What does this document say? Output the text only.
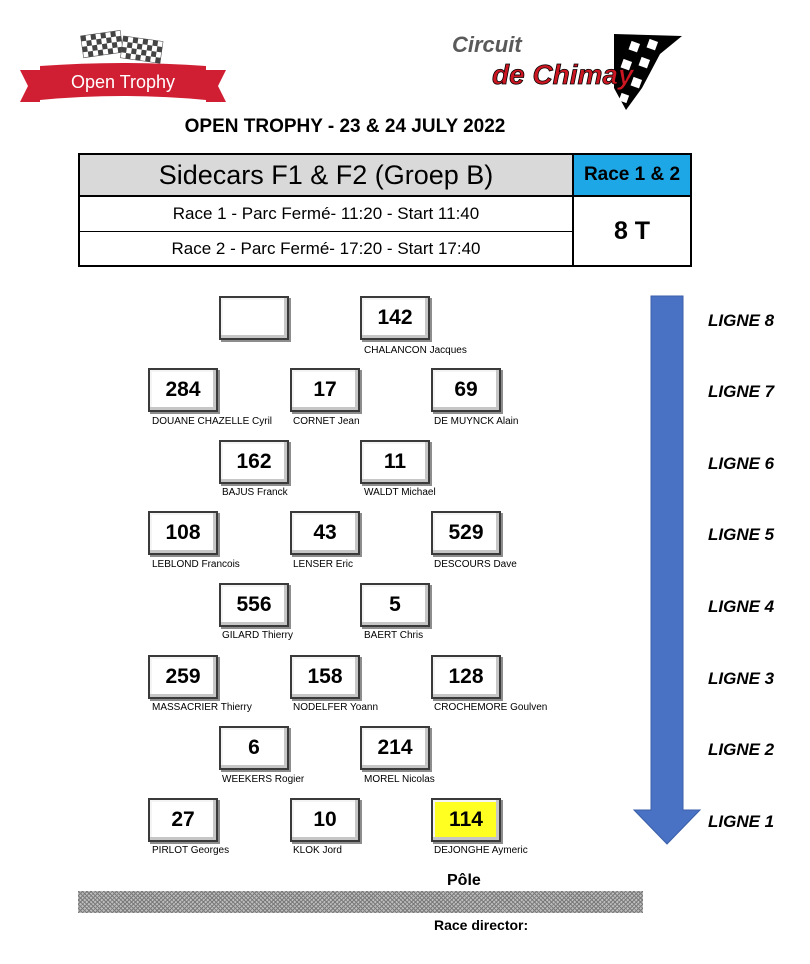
Open Trophy
Circuit
de Chimay
OPEN TROPHY - 23 & 24 JULY 2022
Sidecars F1 & F2 (Groep B)	Race 1 & 2
Race 1 - Parc Fermé- 11:20 - Start 11:40
Race 2 - Parc Fermé- 17:20 - Start 17:40
8 T
142
CHALANCON Jacques
284
DOUANE CHAZELLE Cyril
17
CORNET Jean
69
DE MUYNCK Alain
162
BAJUS Franck
11
WALDT Michael
108
LEBLOND Francois
43
LENSER Eric
529
DESCOURS Dave
556
GILARD Thierry
5
BAERT Chris
259
MASSACRIER Thierry
158
NODELFER Yoann
128
CROCHEMORE Goulven
6
WEEKERS Rogier
214
MOREL Nicolas
27
PIRLOT Georges
10
KLOK Jord
114
DEJONGHE Aymeric
LIGNE 8
LIGNE 7
LIGNE 6
LIGNE 5
LIGNE 4
LIGNE 3
LIGNE 2
LIGNE 1
Pôle
Race director:
